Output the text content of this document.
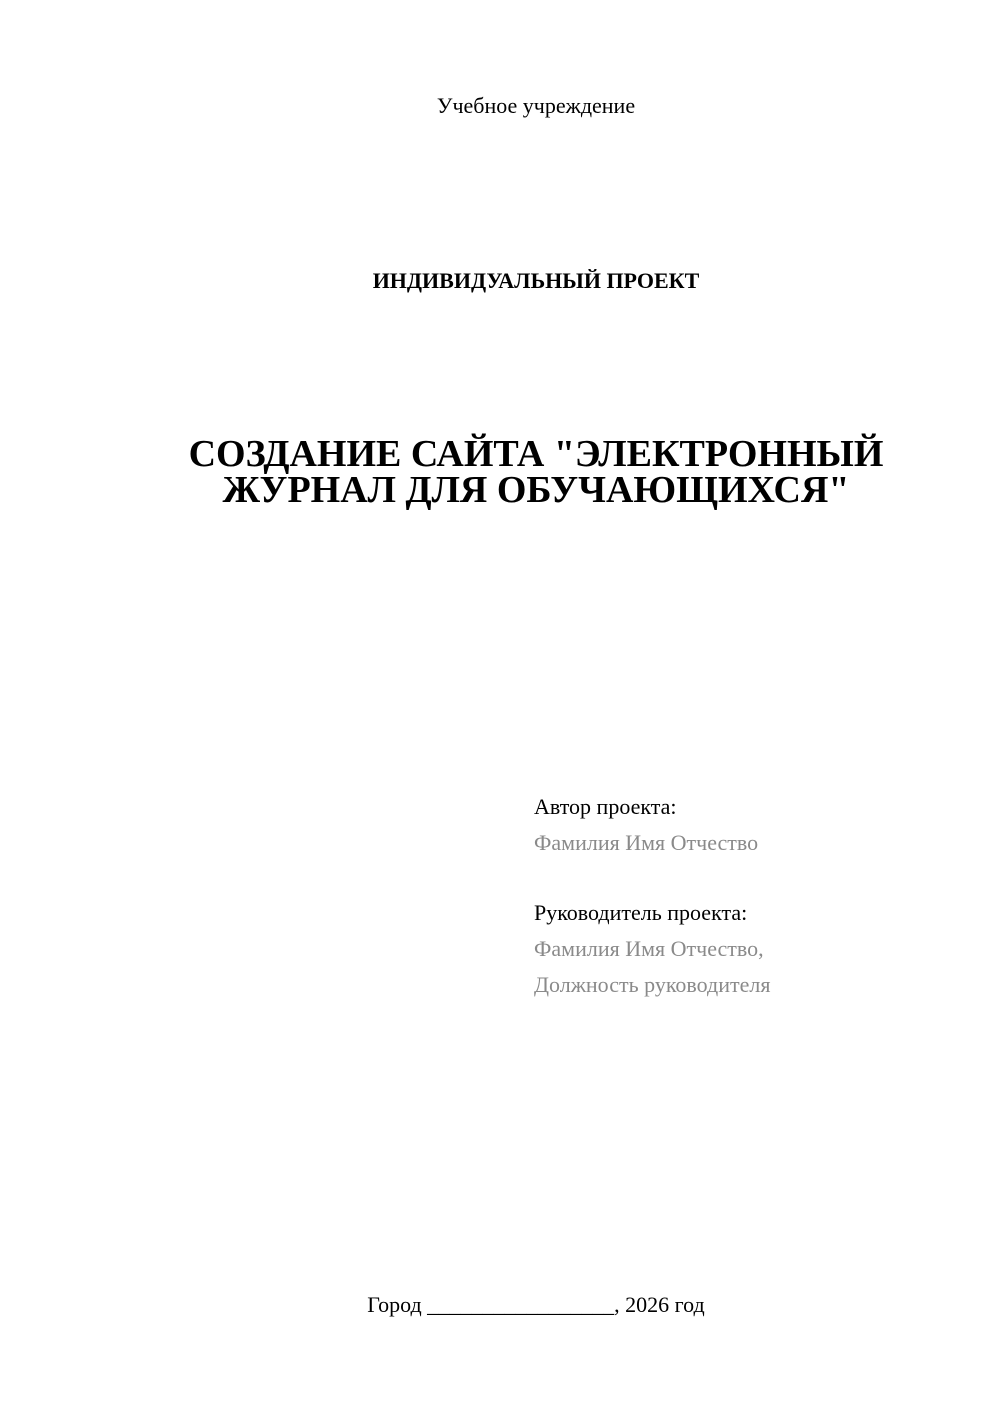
Учебное учреждение
ИНДИВИДУАЛЬНЫЙ ПРОЕКТ
СОЗДАНИЕ САЙТА "ЭЛЕКТРОННЫЙ
ЖУРНАЛ ДЛЯ ОБУЧАЮЩИХСЯ"
Автор проекта:
Фамилия Имя Отчество
Руководитель проекта:
Фамилия Имя Отчество,
Должность руководителя
Город _________________, 2026 год
